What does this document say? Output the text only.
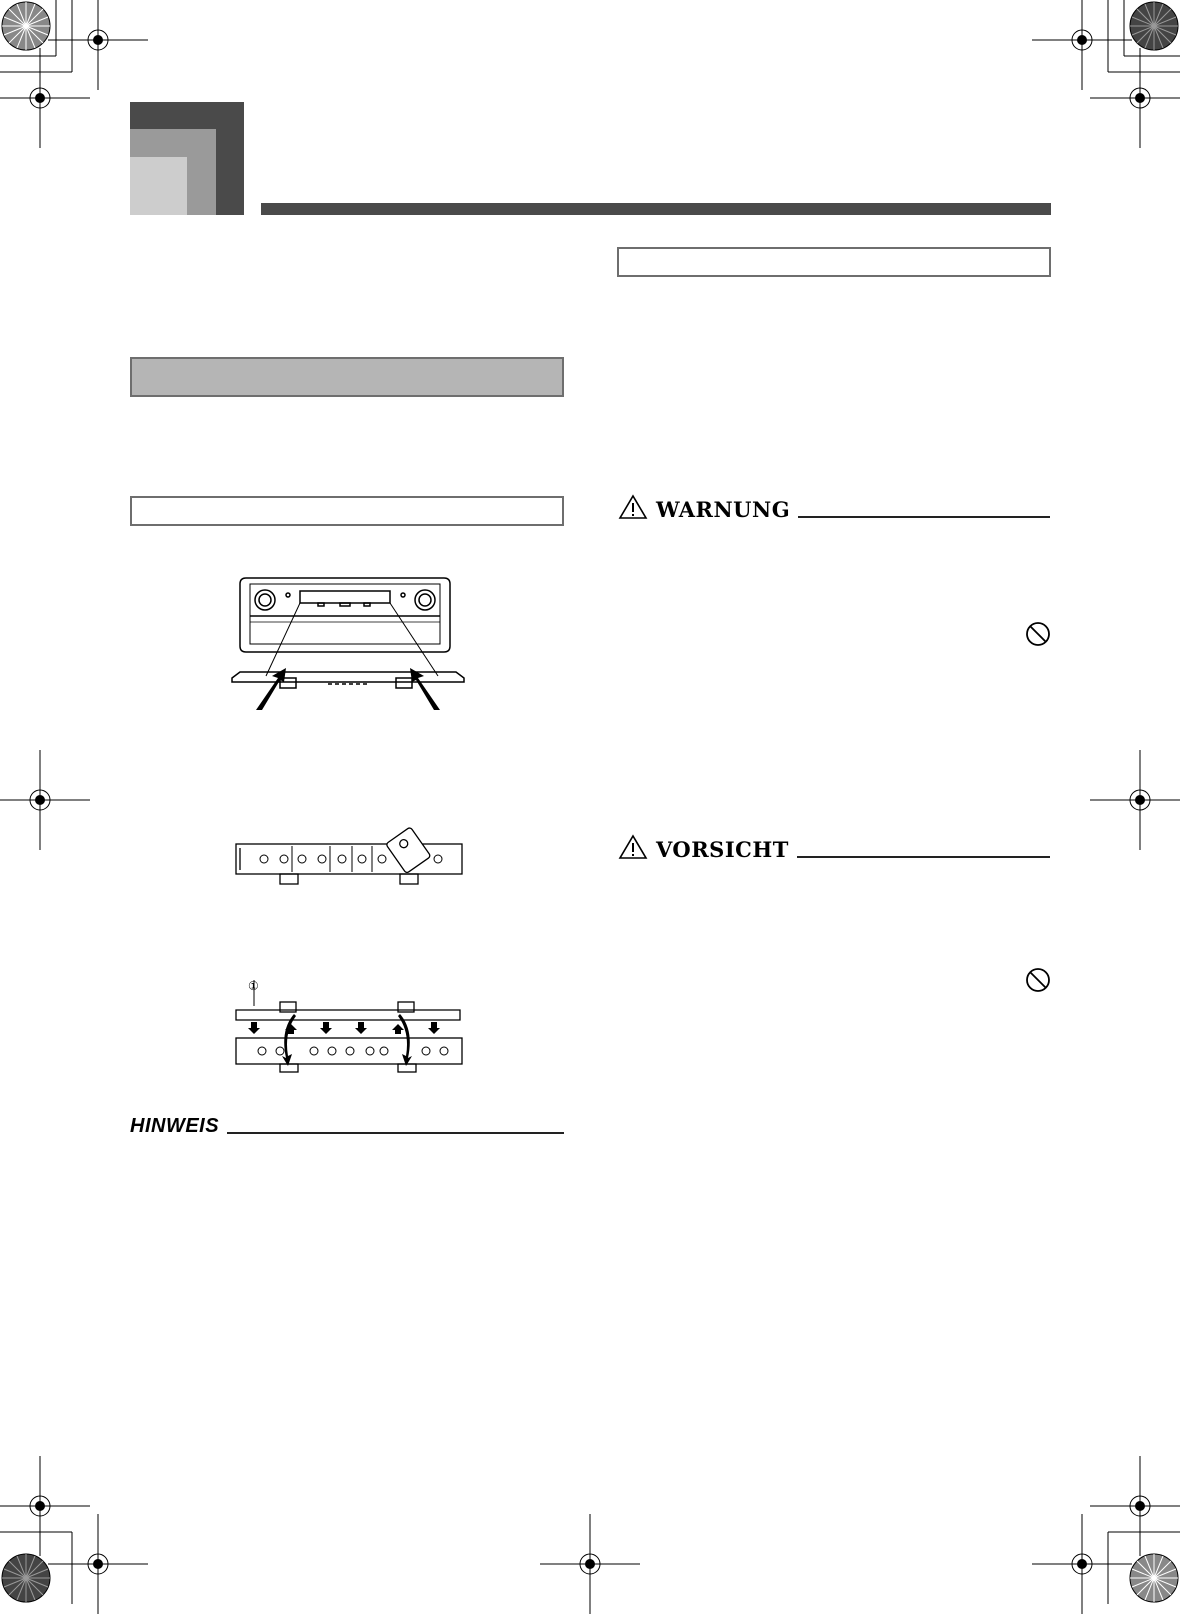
①
HINWEIS
WARNUNG
VORSICHT
